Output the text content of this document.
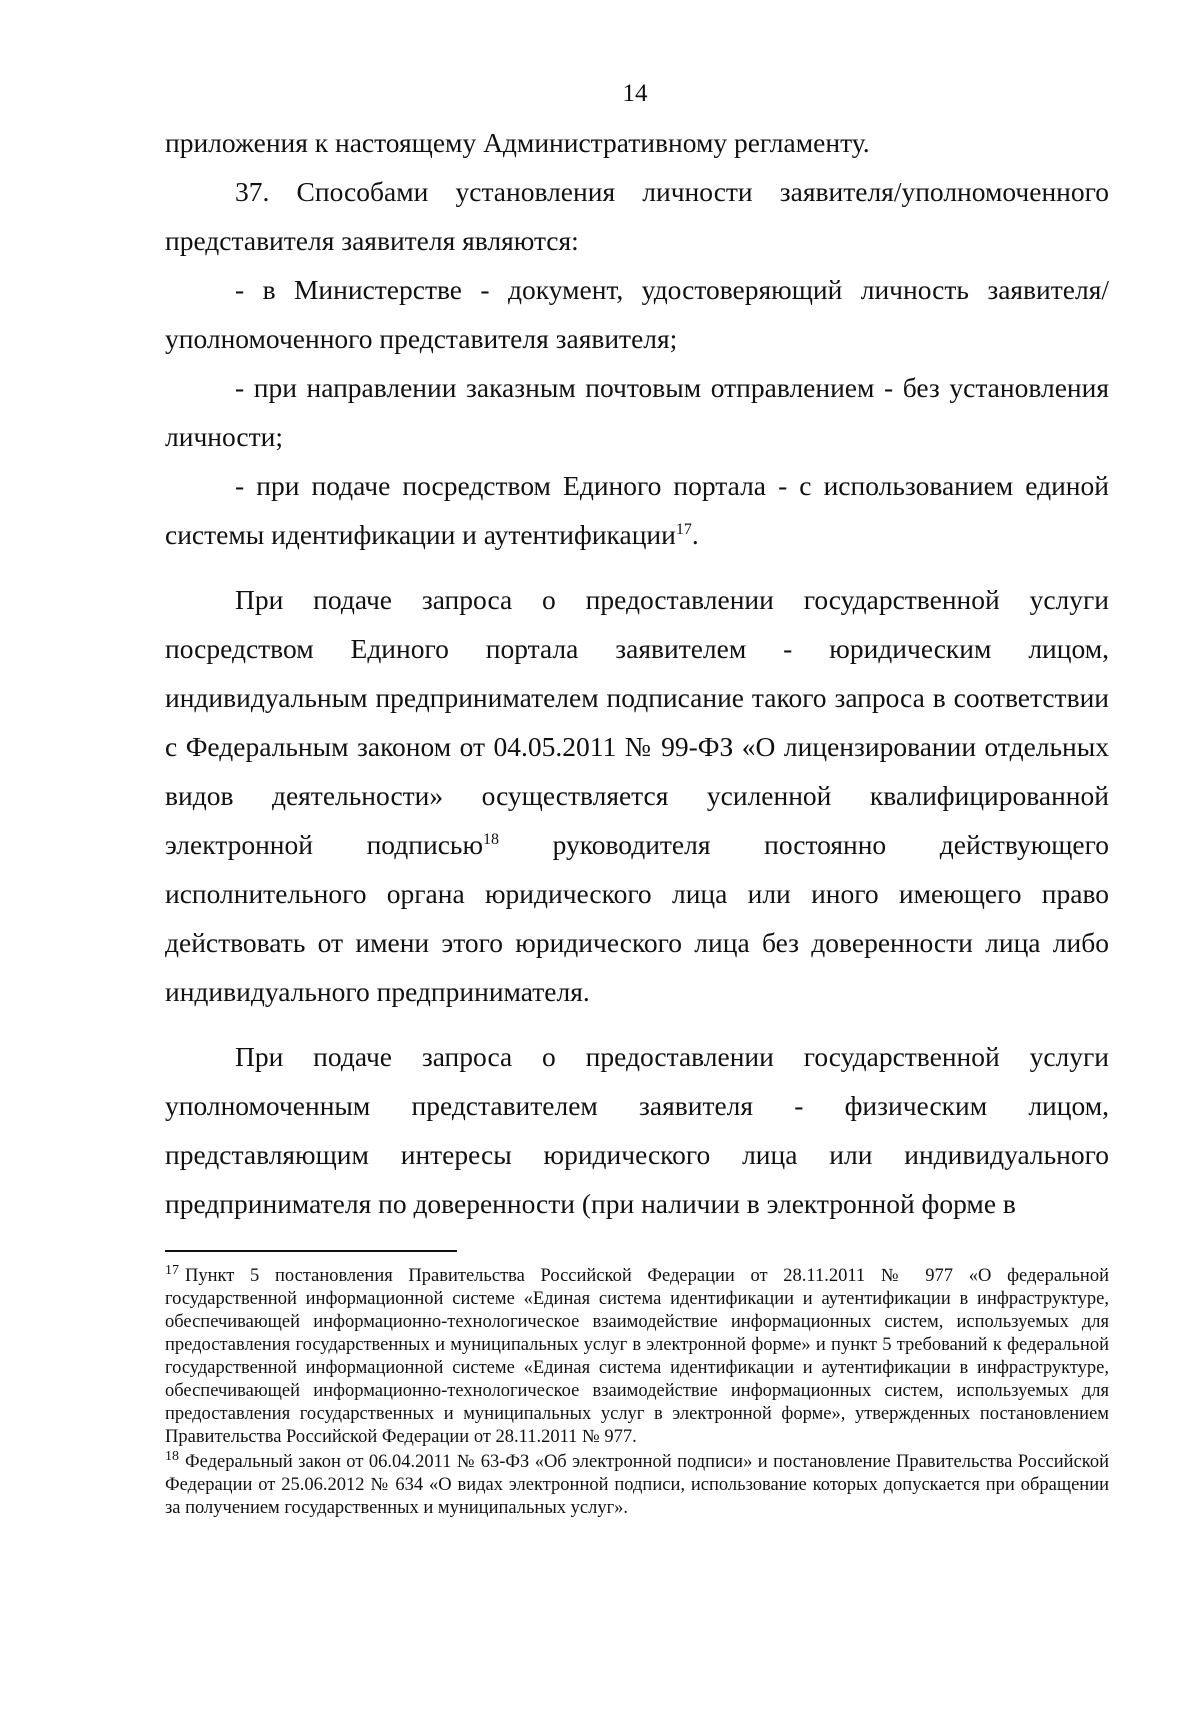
14

приложения к настоящему Административному регламенту.

37. Способами установления личности заявителя/уполномоченного представителя заявителя являются:

- в Министерстве - документ, удостоверяющий личность заявителя/уполномоченного представителя заявителя;

- при направлении заказным почтовым отправлением - без установления личности;

- при подаче посредством Единого портала - с использованием единой системы идентификации и аутентификации$^{17}$.

При подаче запроса о предоставлении государственной услуги посредством Единого портала заявителем - юридическим лицом, индивидуальным предпринимателем подписание такого запроса в соответствии с Федеральным законом от 04.05.2011 № 99-ФЗ «О лицензировании отдельных видов деятельности» осуществляется усиленной квалифицированной электронной подписью$^{18}$ руководителя постоянно действующего исполнительного органа юридического лица или иного имеющего право действовать от имени этого юридического лица без доверенности лица либо индивидуального предпринимателя.

При подаче запроса о предоставлении государственной услуги уполномоченным представителем заявителя - физическим лицом, представляющим интересы юридического лица или индивидуального предпринимателя по доверенности (при наличии в электронной форме в

$^{17}$ Пункт 5 постановления Правительства Российской Федерации от 28.11.2011 № 977 «О федеральной государственной информационной системе «Единая система идентификации и аутентификации в инфраструктуре, обеспечивающей информационно-технологическое взаимодействие информационных систем, используемых для предоставления государственных и муниципальных услуг в электронной форме» и пункт 5 требований к федеральной государственной информационной системе «Единая система идентификации и аутентификации в инфраструктуре, обеспечивающей информационно-технологическое взаимодействие информационных систем, используемых для предоставления государственных и муниципальных услуг в электронной форме», утвержденных постановлением Правительства Российской Федерации от 28.11.2011 № 977.

$^{18}$ Федеральный закон от 06.04.2011 № 63-ФЗ «Об электронной подписи» и постановление Правительства Российской Федерации от 25.06.2012 № 634 «О видах электронной подписи, использование которых допускается при обращении за получением государственных и муниципальных услуг».
